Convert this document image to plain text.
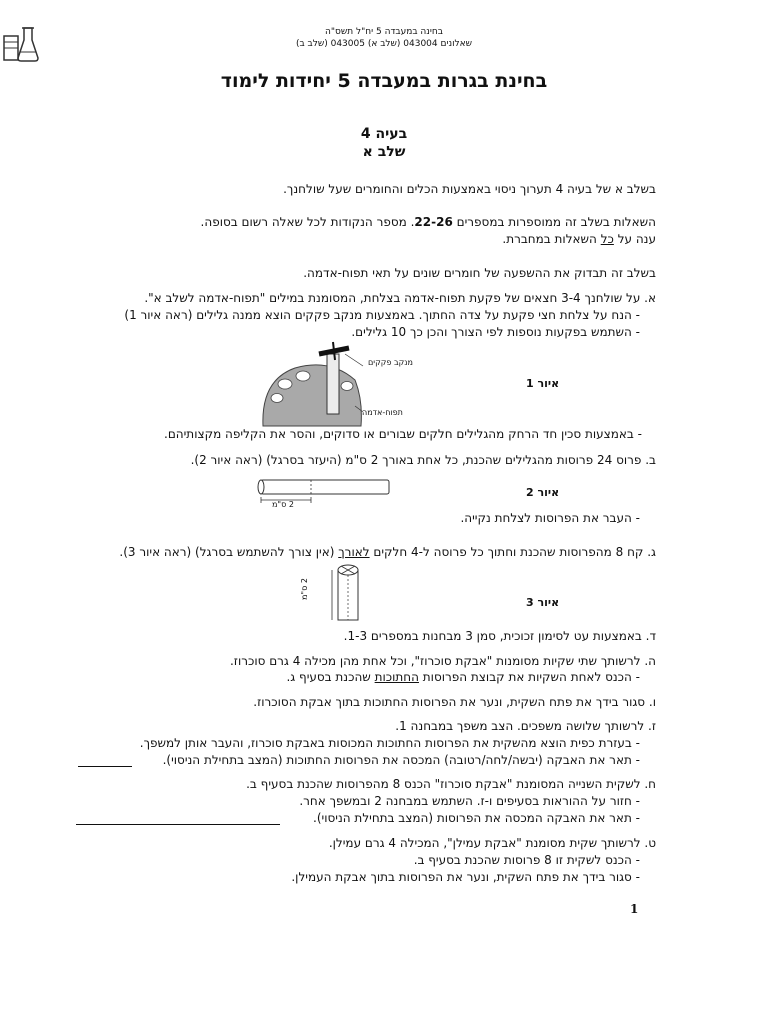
בחינה במעבדה 5 יח"ל תשס"ה
שאלונים 043004 (שלב א) 043005 (שלב ב)
בחינת בגרות במעבדה 5 יחידות לימוד
בעיה 4
שלב א
בשלב א של בעיה 4 תערוך ניסוי באמצעות הכלים והחומרים שעל שולחנך.
השאלות בשלב זה ממוספרות במספרים 22-26. מספר הנקודות לכל שאלה רשום בסופה.
ענה על כל השאלות במחברת.
בשלב זה תבדוק את ההשפעה של חומרים שונים על תאי תפוח-אדמה.
א. על שולחנך 3-4 חצאים של פקעת תפוח-אדמה בצלחת, המסומנת במילים "תפוח-אדמה לשלב א".
- הנח על צלחת חצי פקעת על צדה החתוך. באמצעות מנקב פקקים הוצא ממנה גלילים (ראה איור 1)
- השתמש בפקעות נוספות לפי הצורך והכן כך 10 גלילים.
מנקב פקקים
תפוח-אדמה
איור 1
- באמצעות סכין חד הרחק מהגלילים חלקים שבורים או סדוקים, והסר את הקליפה מקצותיהם.
ב. פרוס 24 פרוסות מהגלילים שהכנת, כל אחת באורך 2 ס"מ (היעזר בסרגל) (ראה איור 2).
2 ס"מ
איור 2
- העבר את הפרוסות לצלחת נקייה.
ג. קח 8 מהפרוסות שהכנת וחתוך כל פרוסה ל-4 חלקים לאורך (אין צורך להשתמש בסרגל) (ראה איור 3).
2 ס"מ
איור 3
ד. באמצעות עט לסימון זכוכית, סמן 3 מבחנות במספרים 1-3.
ה. לרשותך שתי שקיות מסומנות "אבקת סוכרוז", וכל אחת מהן מכילה 4 גרם סוכרוז.
- הכנס לאחת השקיות את קבוצת הפרוסות החתוכות שהכנת בסעיף ג.
ו. סגור בידך את פתח השקית, ונער את הפרוסות החתוכות בתוך אבקת הסוכרוז.
ז. לרשותך שלושה משפכים. הצב משפך במבחנה 1.
- בעזרת כפית הוצא מהשקית את הפרוסות החתוכות המכוסות באבקת סוכרוז, והעבר אותן למשפך.
- תאר את האבקה (יבשה/לחה/רטובה) המכסה את הפרוסות החתוכות (המצב בתחילת הניסוי).
ח. לשקית השנייה המסומנת "אבקת סוכרוז" הכנס 8 מהפרוסות שהכנת בסעיף ב.
- חזור על ההוראות בסעיפים ו-ז. השתמש במבחנה 2 ובמשפך אחר.
- תאר את האבקה המכסה את הפרוסות (המצב בתחילת הניסוי).
ט. לרשותך שקית מסומנת "אבקת עמילן", המכילה 4 גרם עמילן.
- הכנס לשקית זו 8 פרוסות שהכנת בסעיף ב.
- סגור בידך את פתח השקית, ונער את הפרוסות בתוך אבקת העמילן.
1
